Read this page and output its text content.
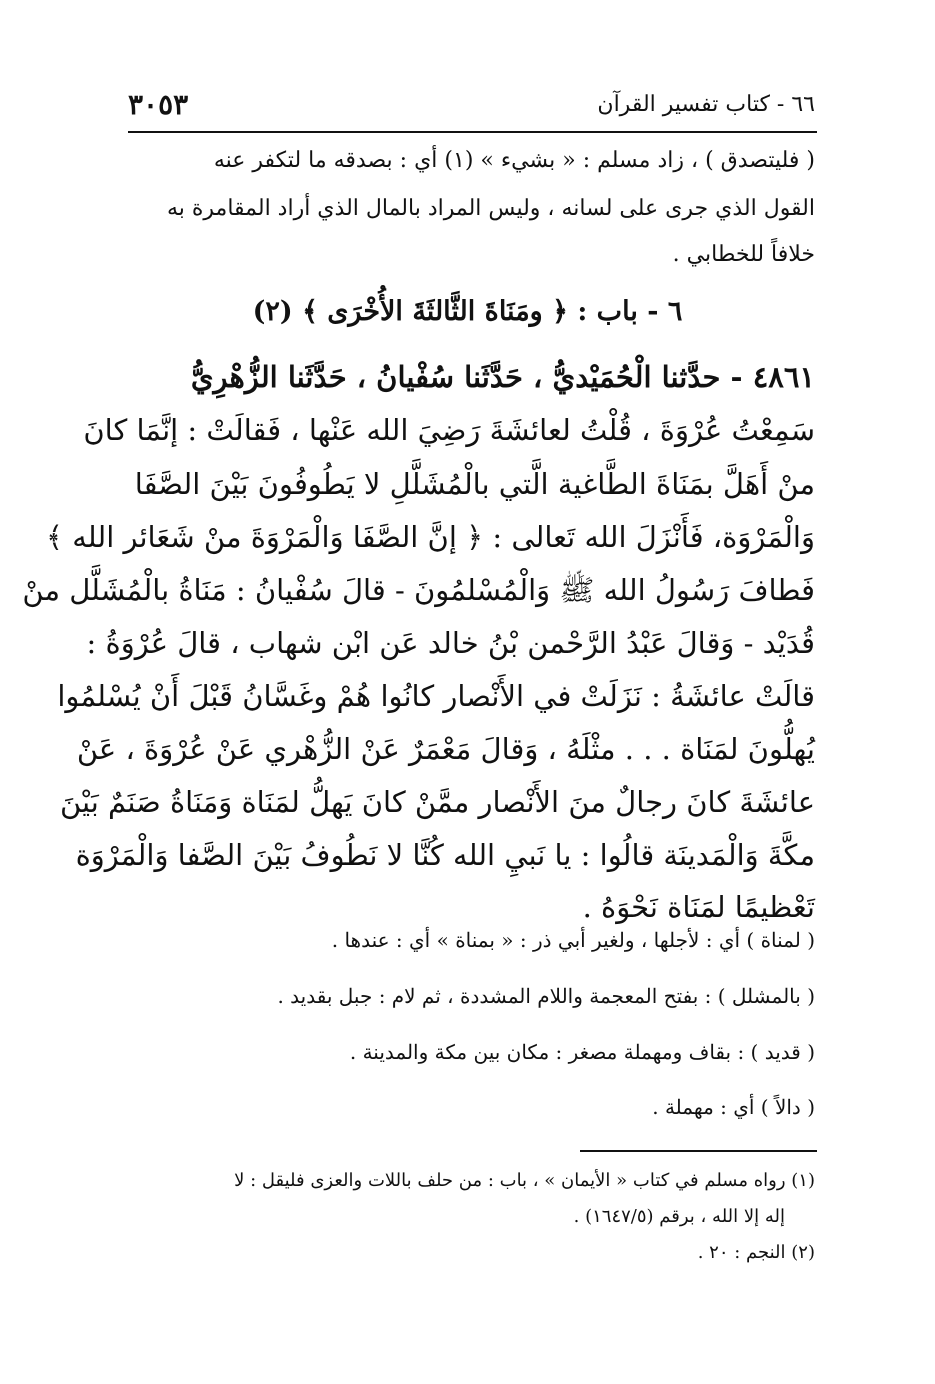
٣٠٥٣	٦٦ - كتاب تفسير القرآن
( فليتصدق ) ، زاد مسلم : « بشيء » (١) أي : بصدقه ما لتكفر عنه
القول الذي جرى على لسانه ، وليس المراد بالمال الذي أراد المقامرة به
خلافاً للخطابي .
٦ - باب : ﴿ ومَنَاةَ الثَّالثَةَ الأُخْرَى ﴾ (٢)
٤٨٦١ - حدَّثنا الْحُمَيْديُّ ، حَدَّثَنا سُفْيانُ ، حَدَّثَنا الزُّهْرِيُّ
سَمِعْتُ عُرْوَةَ ، قُلْتُ لعائشَةَ رَضِيَ الله عَنْها ، فَقالَتْ : إنَّمَا كانَ
منْ أَهَلَّ بمَنَاةَ الطَّاغية الَّتي بالْمُشَلَّلِ لا يَطُوفُونَ بَيْنَ الصَّفَا
وَالْمَرْوَة، فَأَنْزَلَ الله تَعالى : ﴿ إنَّ الصَّفَا وَالْمَرْوَةَ منْ شَعَائر الله ﴾
فَطافَ رَسُولُ الله ﷺ وَالْمُسْلمُونَ - قالَ سُفْيانُ : مَنَاةُ بالْمُشَلَّل منْ
قُدَيْد - وَقالَ عَبْدُ الرَّحْمن بْنُ خالد عَن ابْن شهاب ، قالَ عُرْوَةُ :
قالَتْ عائشَةُ : نَزَلَتْ في الأَنْصار كانُوا هُمْ وغَسَّانُ قَبْلَ أَنْ يُسْلمُوا
يُهلُّونَ لمَنَاة . . . مثْلَهُ ، وَقالَ مَعْمَرٌ عَنْ الزُّهْري عَنْ عُرْوَةَ ، عَنْ
عائشَةَ كانَ رجالٌ منَ الأَنْصار ممَّنْ كانَ يَهلُّ لمَنَاة وَمَنَاةُ صَنَمٌ بَيْنَ
مكَّةَ وَالْمَدينَة قالُوا : يا نَبيِ الله كُنَّا لا نَطُوفُ بَيْنَ الصَّفا وَالْمَرْوَة
تَعْظيمًا لمَنَاة نَحْوَهُ .
( لمناة ) أي : لأجلها ، ولغير أبي ذر : « بمناة » أي : عندها .
( بالمشلل ) : بفتح المعجمة واللام المشددة ، ثم لام : جبل بقديد .
( قديد ) : بقاف ومهملة مصغر : مكان بين مكة والمدينة .
( دالاً ) أي : مهملة .
(١) رواه مسلم في كتاب « الأيمان » ، باب : من حلف باللات والعزى فليقل : لا
إله إلا الله ، برقم (١٦٤٧/٥) .
(٢) النجم : ٢٠ .
